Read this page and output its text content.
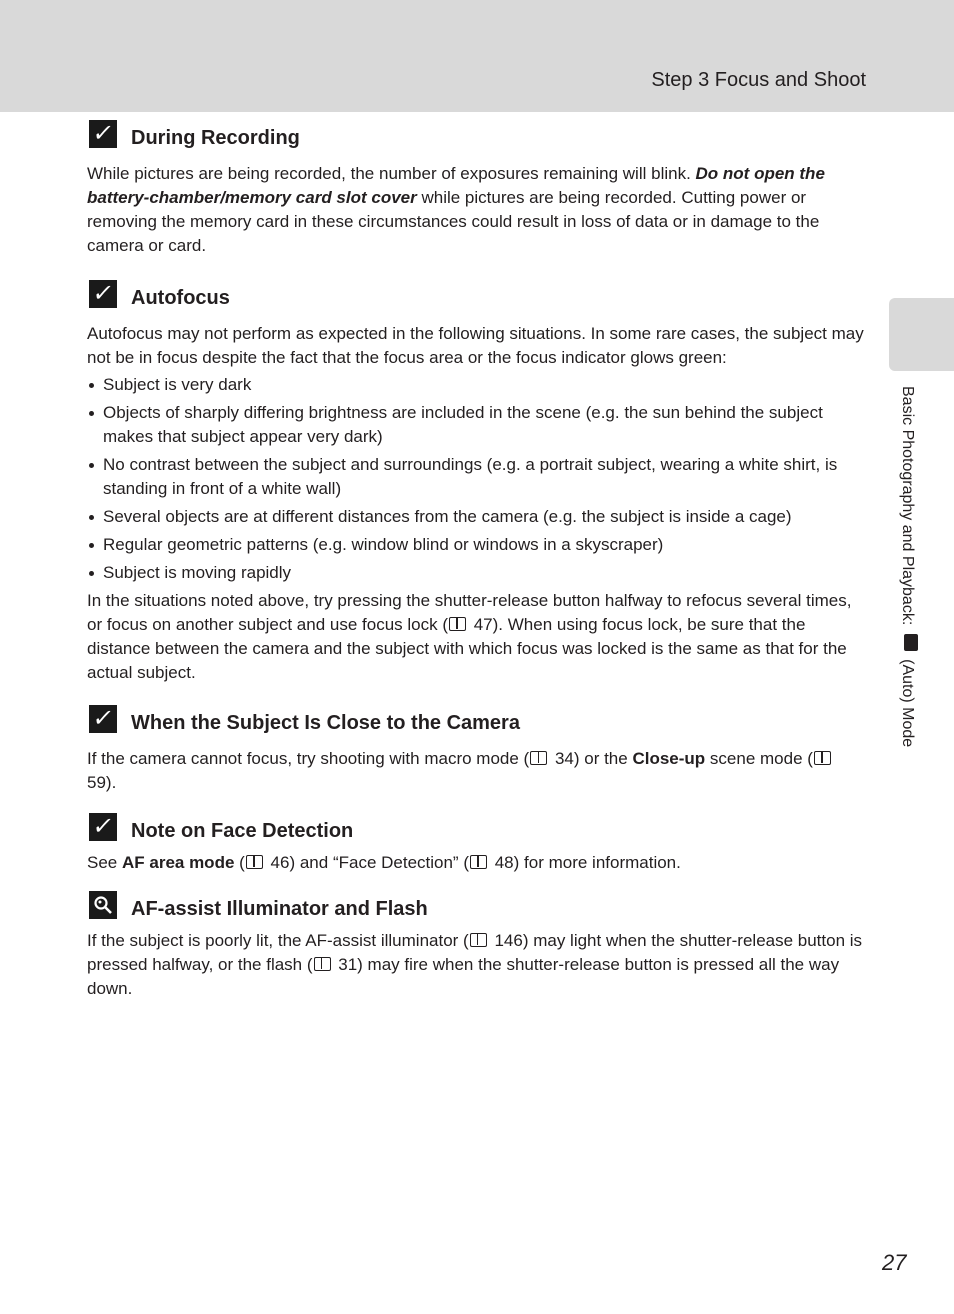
Step 3 Focus and Shoot
Basic Photography and Playback:  (Auto) Mode
✓ During Recording

While pictures are being recorded, the number of exposures remaining will blink. Do not open the battery-chamber/memory card slot cover while pictures are being recorded. Cutting power or removing the memory card in these circumstances could result in loss of data or in damage to the camera or card.

✓ Autofocus

Autofocus may not perform as expected in the following situations. In some rare cases, the subject may not be in focus despite the fact that the focus area or the focus indicator glows green:

Subject is very dark
Objects of sharply differing brightness are included in the scene (e.g. the sun behind the subject makes that subject appear very dark)
No contrast between the subject and surroundings (e.g. a portrait subject, wearing a white shirt, is standing in front of a white wall)
Several objects are at different distances from the camera (e.g. the subject is inside a cage)
Regular geometric patterns (e.g. window blind or windows in a skyscraper)
Subject is moving rapidly

In the situations noted above, try pressing the shutter-release button halfway to refocus several times, or focus on another subject and use focus lock ( 47). When using focus lock, be sure that the distance between the camera and the subject with which focus was locked is the same as that for the actual subject.

✓ When the Subject Is Close to the Camera

If the camera cannot focus, try shooting with macro mode ( 34) or the Close-up scene mode ( 59).

✓ Note on Face Detection

See AF area mode ( 46) and “Face Detection” ( 48) for more information.

AF-assist Illuminator and Flash

If the subject is poorly lit, the AF-assist illuminator ( 146) may light when the shutter-release button is pressed halfway, or the flash ( 31) may fire when the shutter-release button is pressed all the way down.

27
